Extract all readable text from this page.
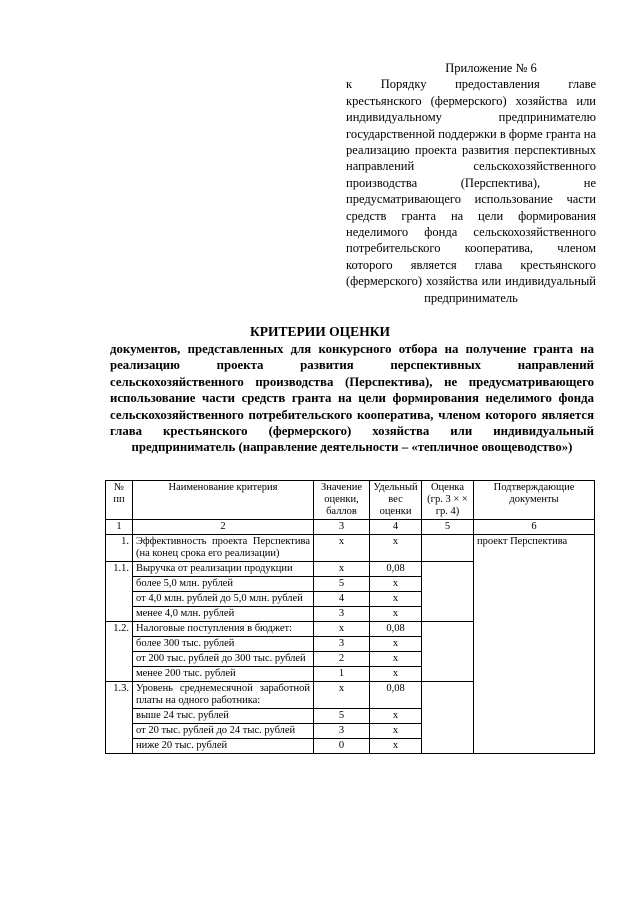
Приложение № 6
к Порядку предоставления главе крестьянского (фермерского) хозяйства или индивидуальному предпринимателю государственной поддержки в форме гранта на реализацию проекта развития перспективных направлений сельскохозяйственного производства (Перспектива), не предусматривающего использование части средств гранта на цели формирования неделимого фонда сельскохозяйственного потребительского кооператива, членом которого является глава крестьянского (фермерского) хозяйства или индивидуальный предприниматель
КРИТЕРИИ ОЦЕНКИ
документов, представленных для конкурсного отбора на получение гранта на реализацию проекта развития перспективных направлений сельскохозяйственного производства (Перспектива), не предусматривающего использование части средств гранта на цели формирования неделимого фонда сельскохозяйственного потребительского кооператива, членом которого является глава крестьянского (фермерского) хозяйства или индивидуальный предприниматель (направление деятельности – «тепличное овощеводство»)
№ пп	Наименование критерия	Значение оценки, баллов	Удельный вес оценки	Оценка (гр. 3 × × гр. 4)	Подтверждающие документы
1	2	3	4	5	6
1.	Эффективность проекта Перспектива (на конец срока его реализации)	x	x		проект Перспектива
1.1.	Выручка от реализации продукции	x	0,08		
	более 5,0 млн. рублей	5	x		
	от 4,0 млн. рублей до 5,0 млн. рублей	4	x		
	менее 4,0 млн. рублей	3	x		
1.2.	Налоговые поступления в бюджет:	x	0,08		
	более 300 тыс. рублей	3	x		
	от 200 тыс. рублей до 300 тыс. рублей	2	x		
	менее 200 тыс. рублей	1	x		
1.3.	Уровень среднемесячной заработной платы на одного работника:	x	0,08		
	выше 24 тыс. рублей	5	x		
	от 20 тыс. рублей до 24 тыс. рублей	3	x		
	ниже 20 тыс. рублей	0	x		
